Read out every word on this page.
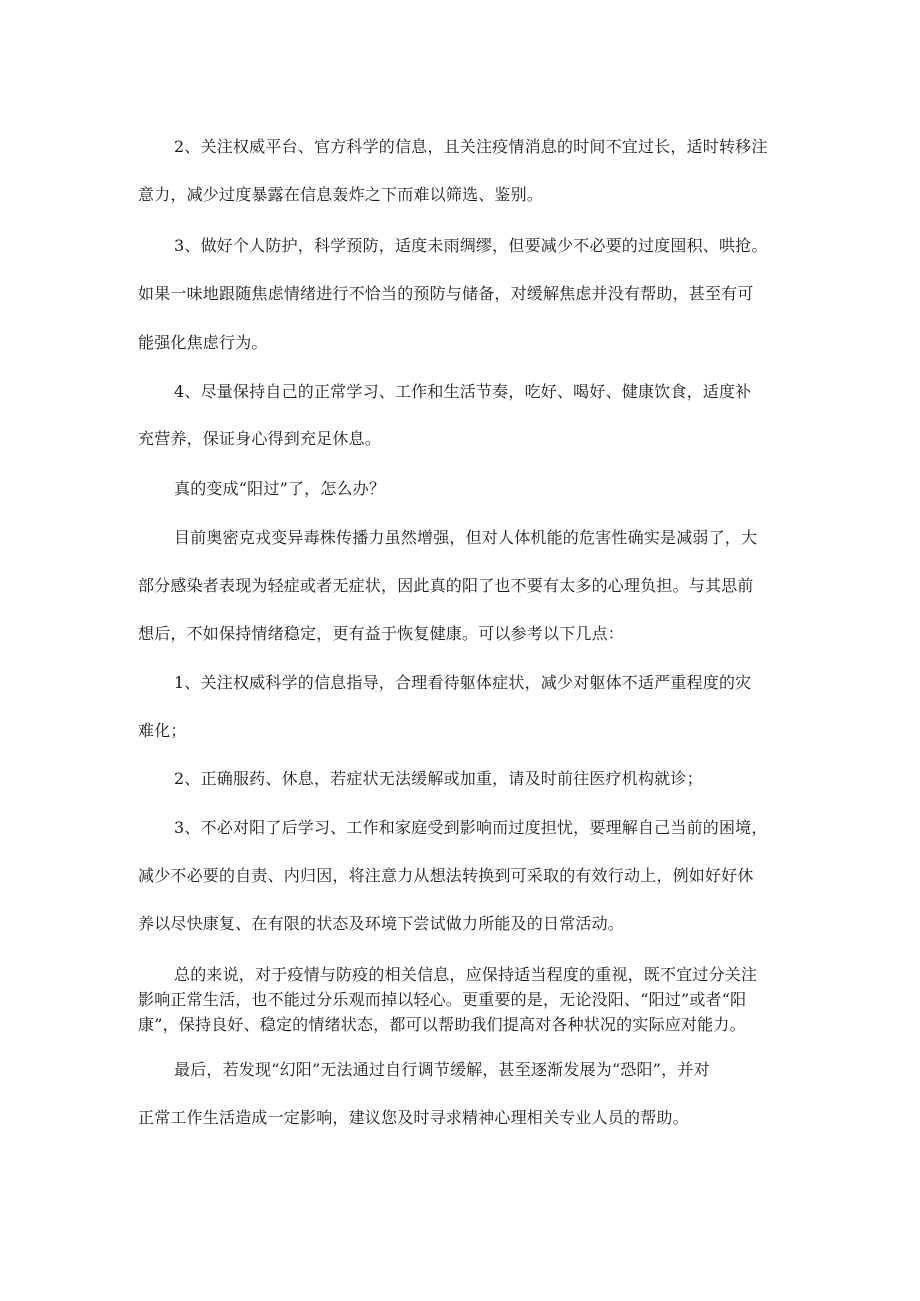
2、关注权威平台、官方科学的信息，且关注疫情消息的时间不宜过长，适时转移注
意力，减少过度暴露在信息轰炸之下而难以筛选、鉴别。
3、做好个人防护，科学预防，适度未雨绸缪，但要减少不必要的过度囤积、哄抢。
如果一味地跟随焦虑情绪进行不恰当的预防与储备，对缓解焦虑并没有帮助，甚至有可
能强化焦虑行为。
4、尽量保持自己的正常学习、工作和生活节奏，吃好、喝好、健康饮食，适度补
充营养，保证身心得到充足休息。
真的变成“阳过”了，怎么办？
目前奥密克戎变异毒株传播力虽然增强，但对人体机能的危害性确实是减弱了，大
部分感染者表现为轻症或者无症状，因此真的阳了也不要有太多的心理负担。与其思前
想后，不如保持情绪稳定，更有益于恢复健康。可以参考以下几点：
1、关注权威科学的信息指导，合理看待躯体症状，减少对躯体不适严重程度的灾
难化；
2、正确服药、休息，若症状无法缓解或加重，请及时前往医疗机构就诊；
3、不必对阳了后学习、工作和家庭受到影响而过度担忧，要理解自己当前的困境，
减少不必要的自责、内归因，将注意力从想法转换到可采取的有效行动上，例如好好休
养以尽快康复、在有限的状态及环境下尝试做力所能及的日常活动。
总的来说，对于疫情与防疫的相关信息，应保持适当程度的重视，既不宜过分关注
影响正常生活，也不能过分乐观而掉以轻心。更重要的是，无论没阳、“阳过”或者“阳
康”，保持良好、稳定的情绪状态，都可以帮助我们提高对各种状况的实际应对能力。
最后，若发现“幻阳”无法通过自行调节缓解，甚至逐渐发展为“恐阳”，并对
正常工作生活造成一定影响，建议您及时寻求精神心理相关专业人员的帮助。
